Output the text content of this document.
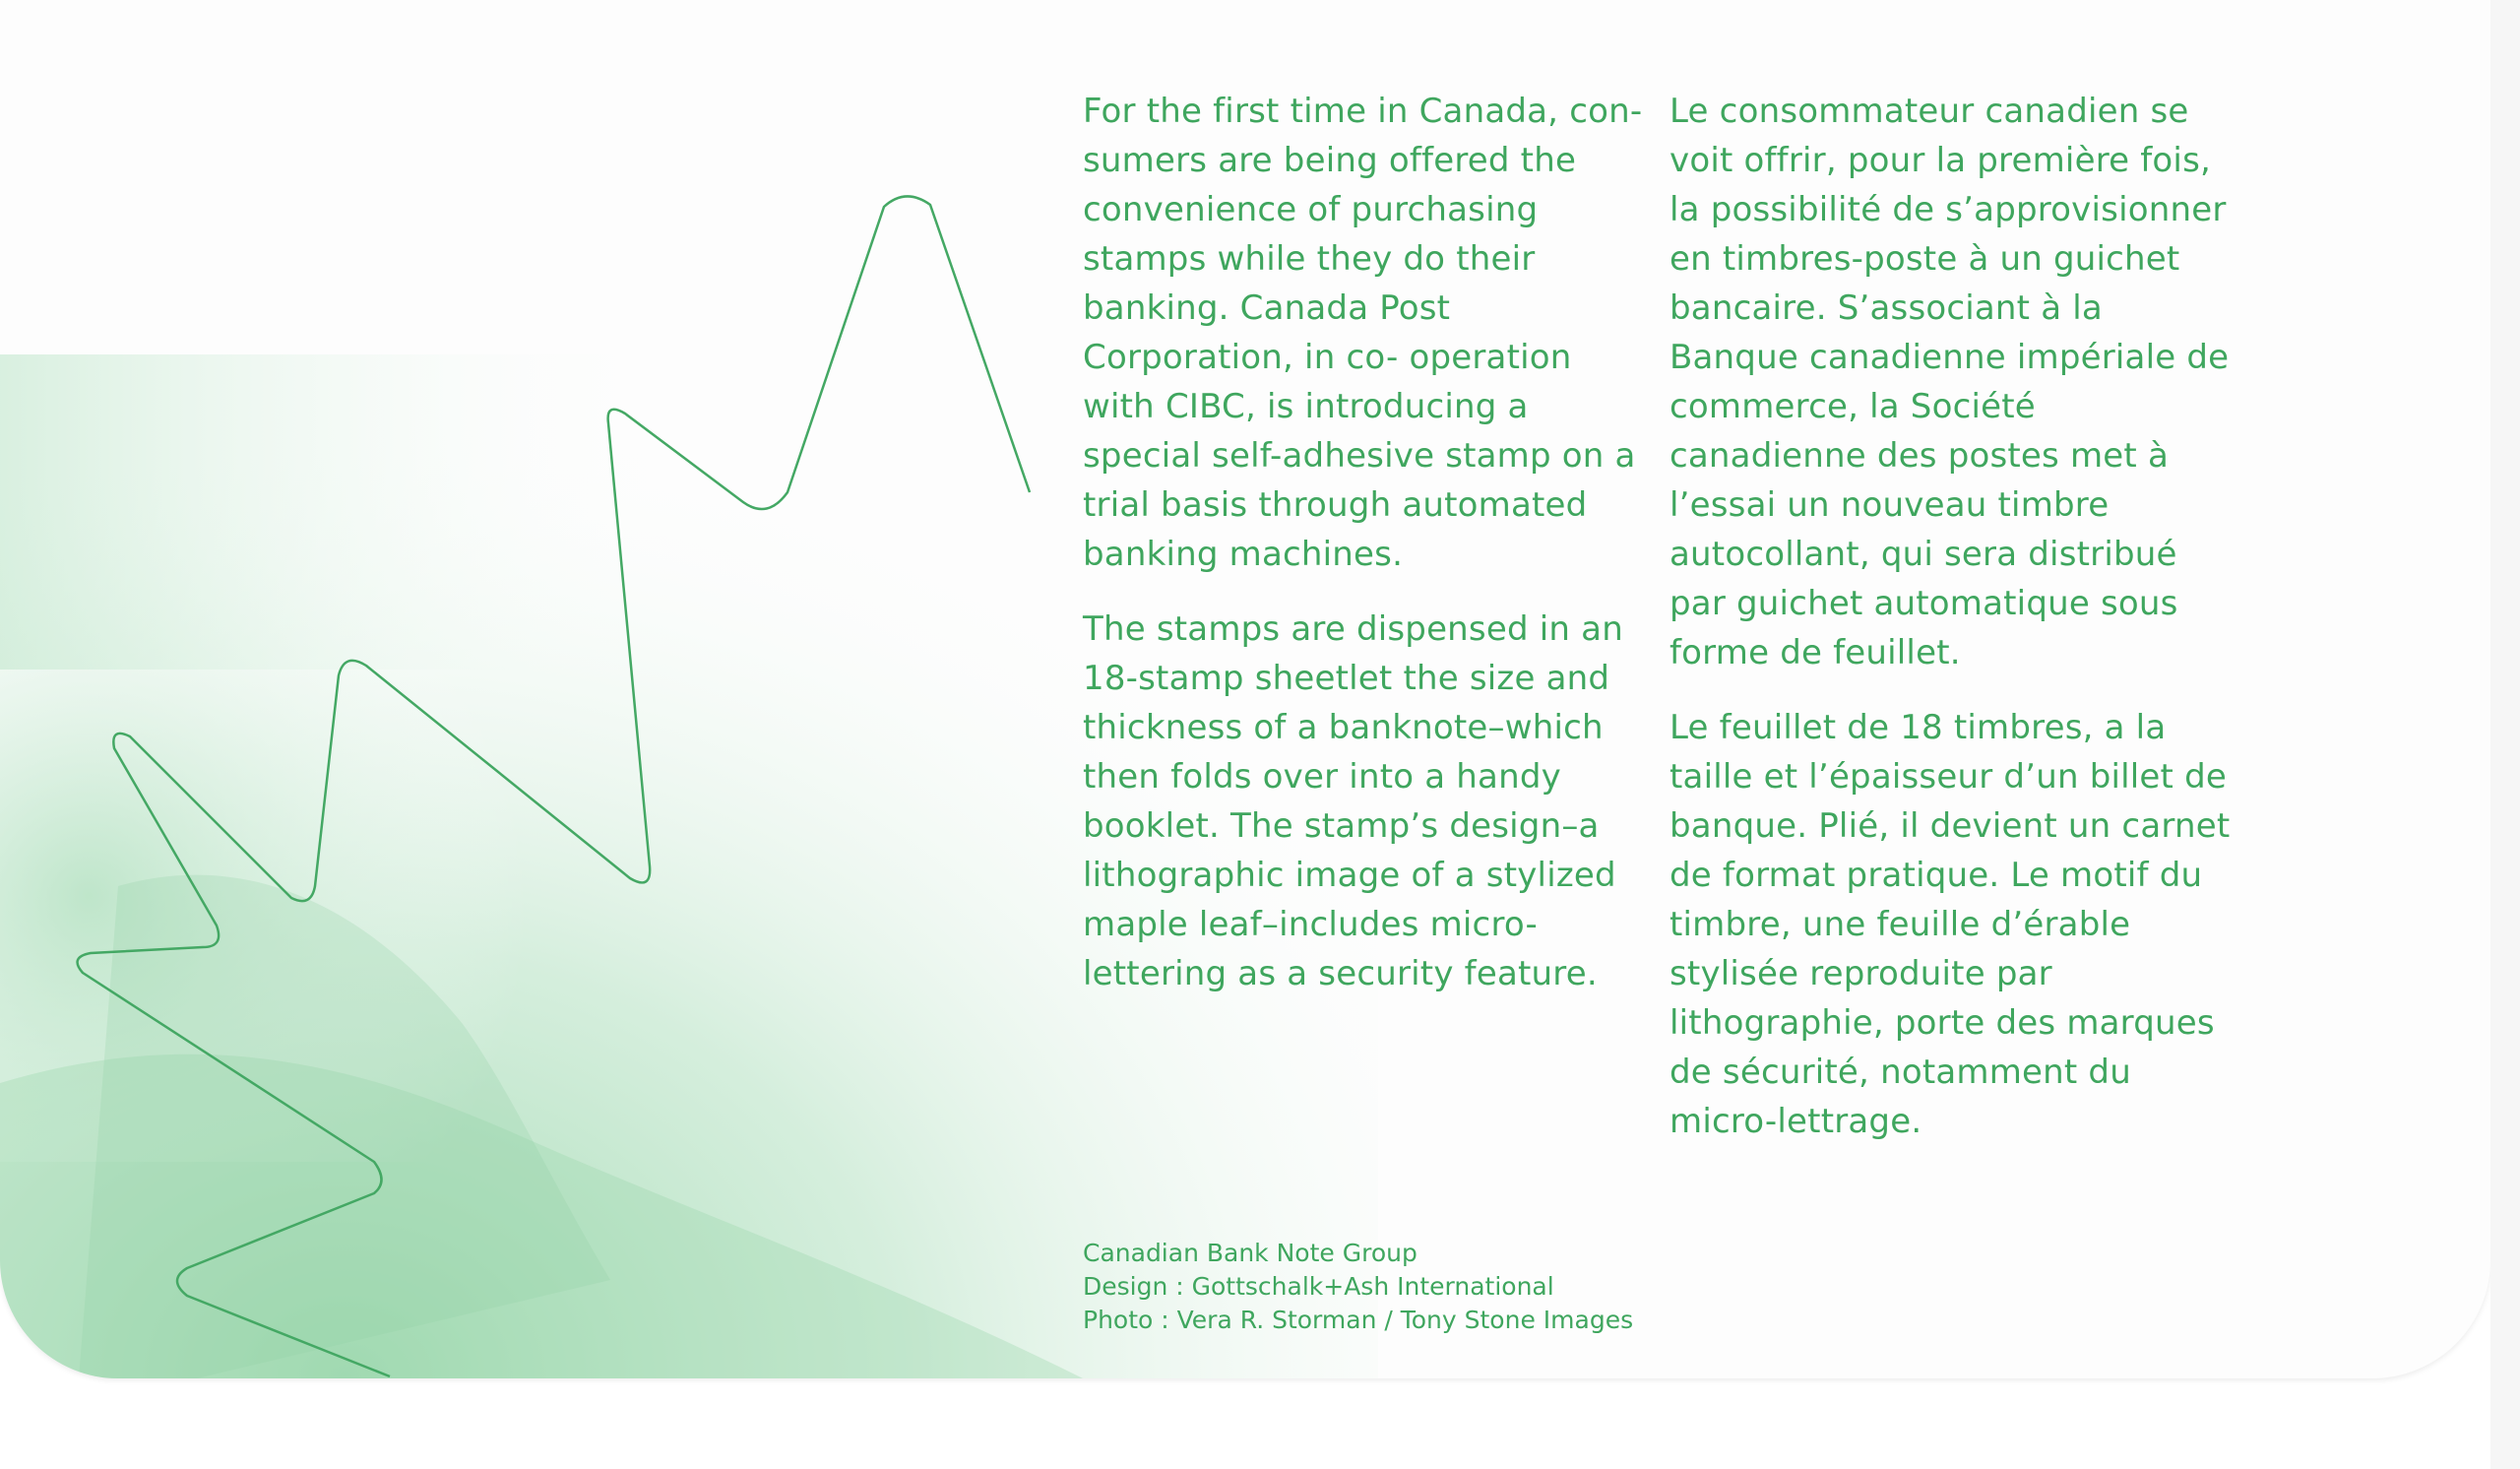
For the first time in Canada, con- sumers are being offered the convenience of purchasing stamps while they do their banking. Canada Post Corporation, in co- operation with CIBC, is introducing a special self-adhesive stamp on a trial basis through automated banking machines.

The stamps are dispensed in an 18-stamp sheetlet the size and thickness of a banknote–which then folds over into a handy booklet. The stamp’s design–a lithographic image of a stylized maple leaf–includes micro- lettering as a security feature.

Le consommateur canadien se voit offrir, pour la première fois, la possibilité de s’approvisionner en timbres-poste à un guichet bancaire. S’associant à la Banque canadienne impériale de commerce, la Société canadienne des postes met à l’essai un nouveau timbre autocollant, qui sera distribué par guichet automatique sous forme de feuillet.

Le feuillet de 18 timbres, a la taille et l’épaisseur d’un billet de banque. Plié, il devient un carnet de format pratique. Le motif du timbre, une feuille d’érable stylisée reproduite par lithographie, porte des marques de sécurité, notamment du micro-lettrage.

Canadian Bank Note Group
Design : Gottschalk+Ash International
Photo : Vera R. Storman / Tony Stone Images
